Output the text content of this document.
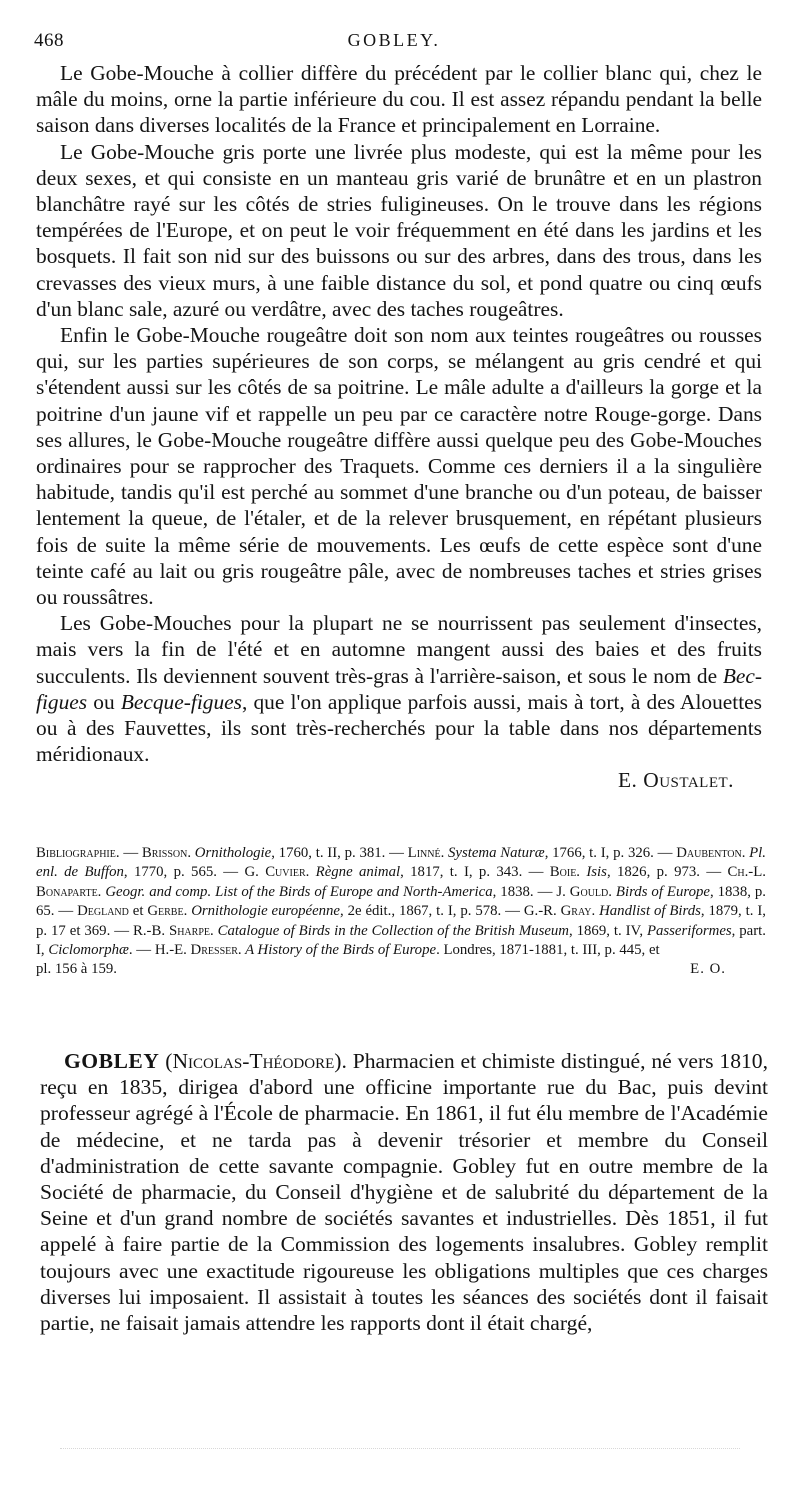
468	GOBLEY.

Le Gobe-Mouche à collier diffère du précédent par le collier blanc qui, chez le mâle du moins, orne la partie inférieure du cou. Il est assez répandu pendant la belle saison dans diverses localités de la France et principalement en Lorraine.

Le Gobe-Mouche gris porte une livrée plus modeste, qui est la même pour les deux sexes, et qui consiste en un manteau gris varié de brunâtre et en un plastron blanchâtre rayé sur les côtés de stries fuligineuses. On le trouve dans les régions tempérées de l'Europe, et on peut le voir fréquemment en été dans les jardins et les bosquets. Il fait son nid sur des buissons ou sur des arbres, dans des trous, dans les crevasses des vieux murs, à une faible distance du sol, et pond quatre ou cinq œufs d'un blanc sale, azuré ou verdâtre, avec des taches rougeâtres.

Enfin le Gobe-Mouche rougeâtre doit son nom aux teintes rougeâtres ou rousses qui, sur les parties supérieures de son corps, se mélangent au gris cendré et qui s'étendent aussi sur les côtés de sa poitrine. Le mâle adulte a d'ailleurs la gorge et la poitrine d'un jaune vif et rappelle un peu par ce caractère notre Rouge-gorge. Dans ses allures, le Gobe-Mouche rougeâtre diffère aussi quelque peu des Gobe-Mouches ordinaires pour se rapprocher des Traquets. Comme ces derniers il a la singulière habitude, tandis qu'il est perché au sommet d'une branche ou d'un poteau, de baisser lentement la queue, de l'étaler, et de la relever brusquement, en répétant plusieurs fois de suite la même série de mouvements. Les œufs de cette espèce sont d'une teinte café au lait ou gris rougeâtre pâle, avec de nombreuses taches et stries grises ou roussâtres.

Les Gobe-Mouches pour la plupart ne se nourrissent pas seulement d'insectes, mais vers la fin de l'été et en automne mangent aussi des baies et des fruits succulents. Ils deviennent souvent très-gras à l'arrière-saison, et sous le nom de Bec-figues ou Becque-figues, que l'on applique parfois aussi, mais à tort, à des Alouettes ou à des Fauvettes, ils sont très-recherchés pour la table dans nos départements méridionaux.

E. Oustalet.

Bibliographie. — Brisson. Ornithologie, 1760, t. II, p. 381. — Linné. Systema Naturæ, 1766, t. I, p. 326. — Daubenton. Pl. enl. de Buffon, 1770, p. 565. — G. Cuvier. Règne animal, 1817, t. I, p. 343. — Boie. Isis, 1826, p. 973. — Ch.-L. Bonaparte. Geogr. and comp. List of the Birds of Europe and North-America, 1838. — J. Gould. Birds of Europe, 1838, p. 65. — Degland et Gerbe. Ornithologie européenne, 2e édit., 1867, t. I, p. 578. — G.-R. Gray. Handlist of Birds, 1879, t. I, p. 17 et 369. — R.-B. Sharpe. Catalogue of Birds in the Collection of the British Museum, 1869, t. IV, Passeriformes, part. I, Ciclomorphæ. — H.-E. Dresser. A History of the Birds of Europe. Londres, 1871-1881, t. III, p. 445, et

pl. 156 à 159.	E. O.

GOBLEY (Nicolas-Théodore). Pharmacien et chimiste distingué, né vers 1810, reçu en 1835, dirigea d'abord une officine importante rue du Bac, puis devint professeur agrégé à l'École de pharmacie. En 1861, il fut élu membre de l'Académie de médecine, et ne tarda pas à devenir trésorier et membre du Conseil d'administration de cette savante compagnie. Gobley fut en outre membre de la Société de pharmacie, du Conseil d'hygiène et de salubrité du département de la Seine et d'un grand nombre de sociétés savantes et industrielles. Dès 1851, il fut appelé à faire partie de la Commission des logements insalubres. Gobley remplit toujours avec une exactitude rigoureuse les obligations multiples que ces charges diverses lui imposaient. Il assistait à toutes les séances des sociétés dont il faisait partie, ne faisait jamais attendre les rapports dont il était chargé,
